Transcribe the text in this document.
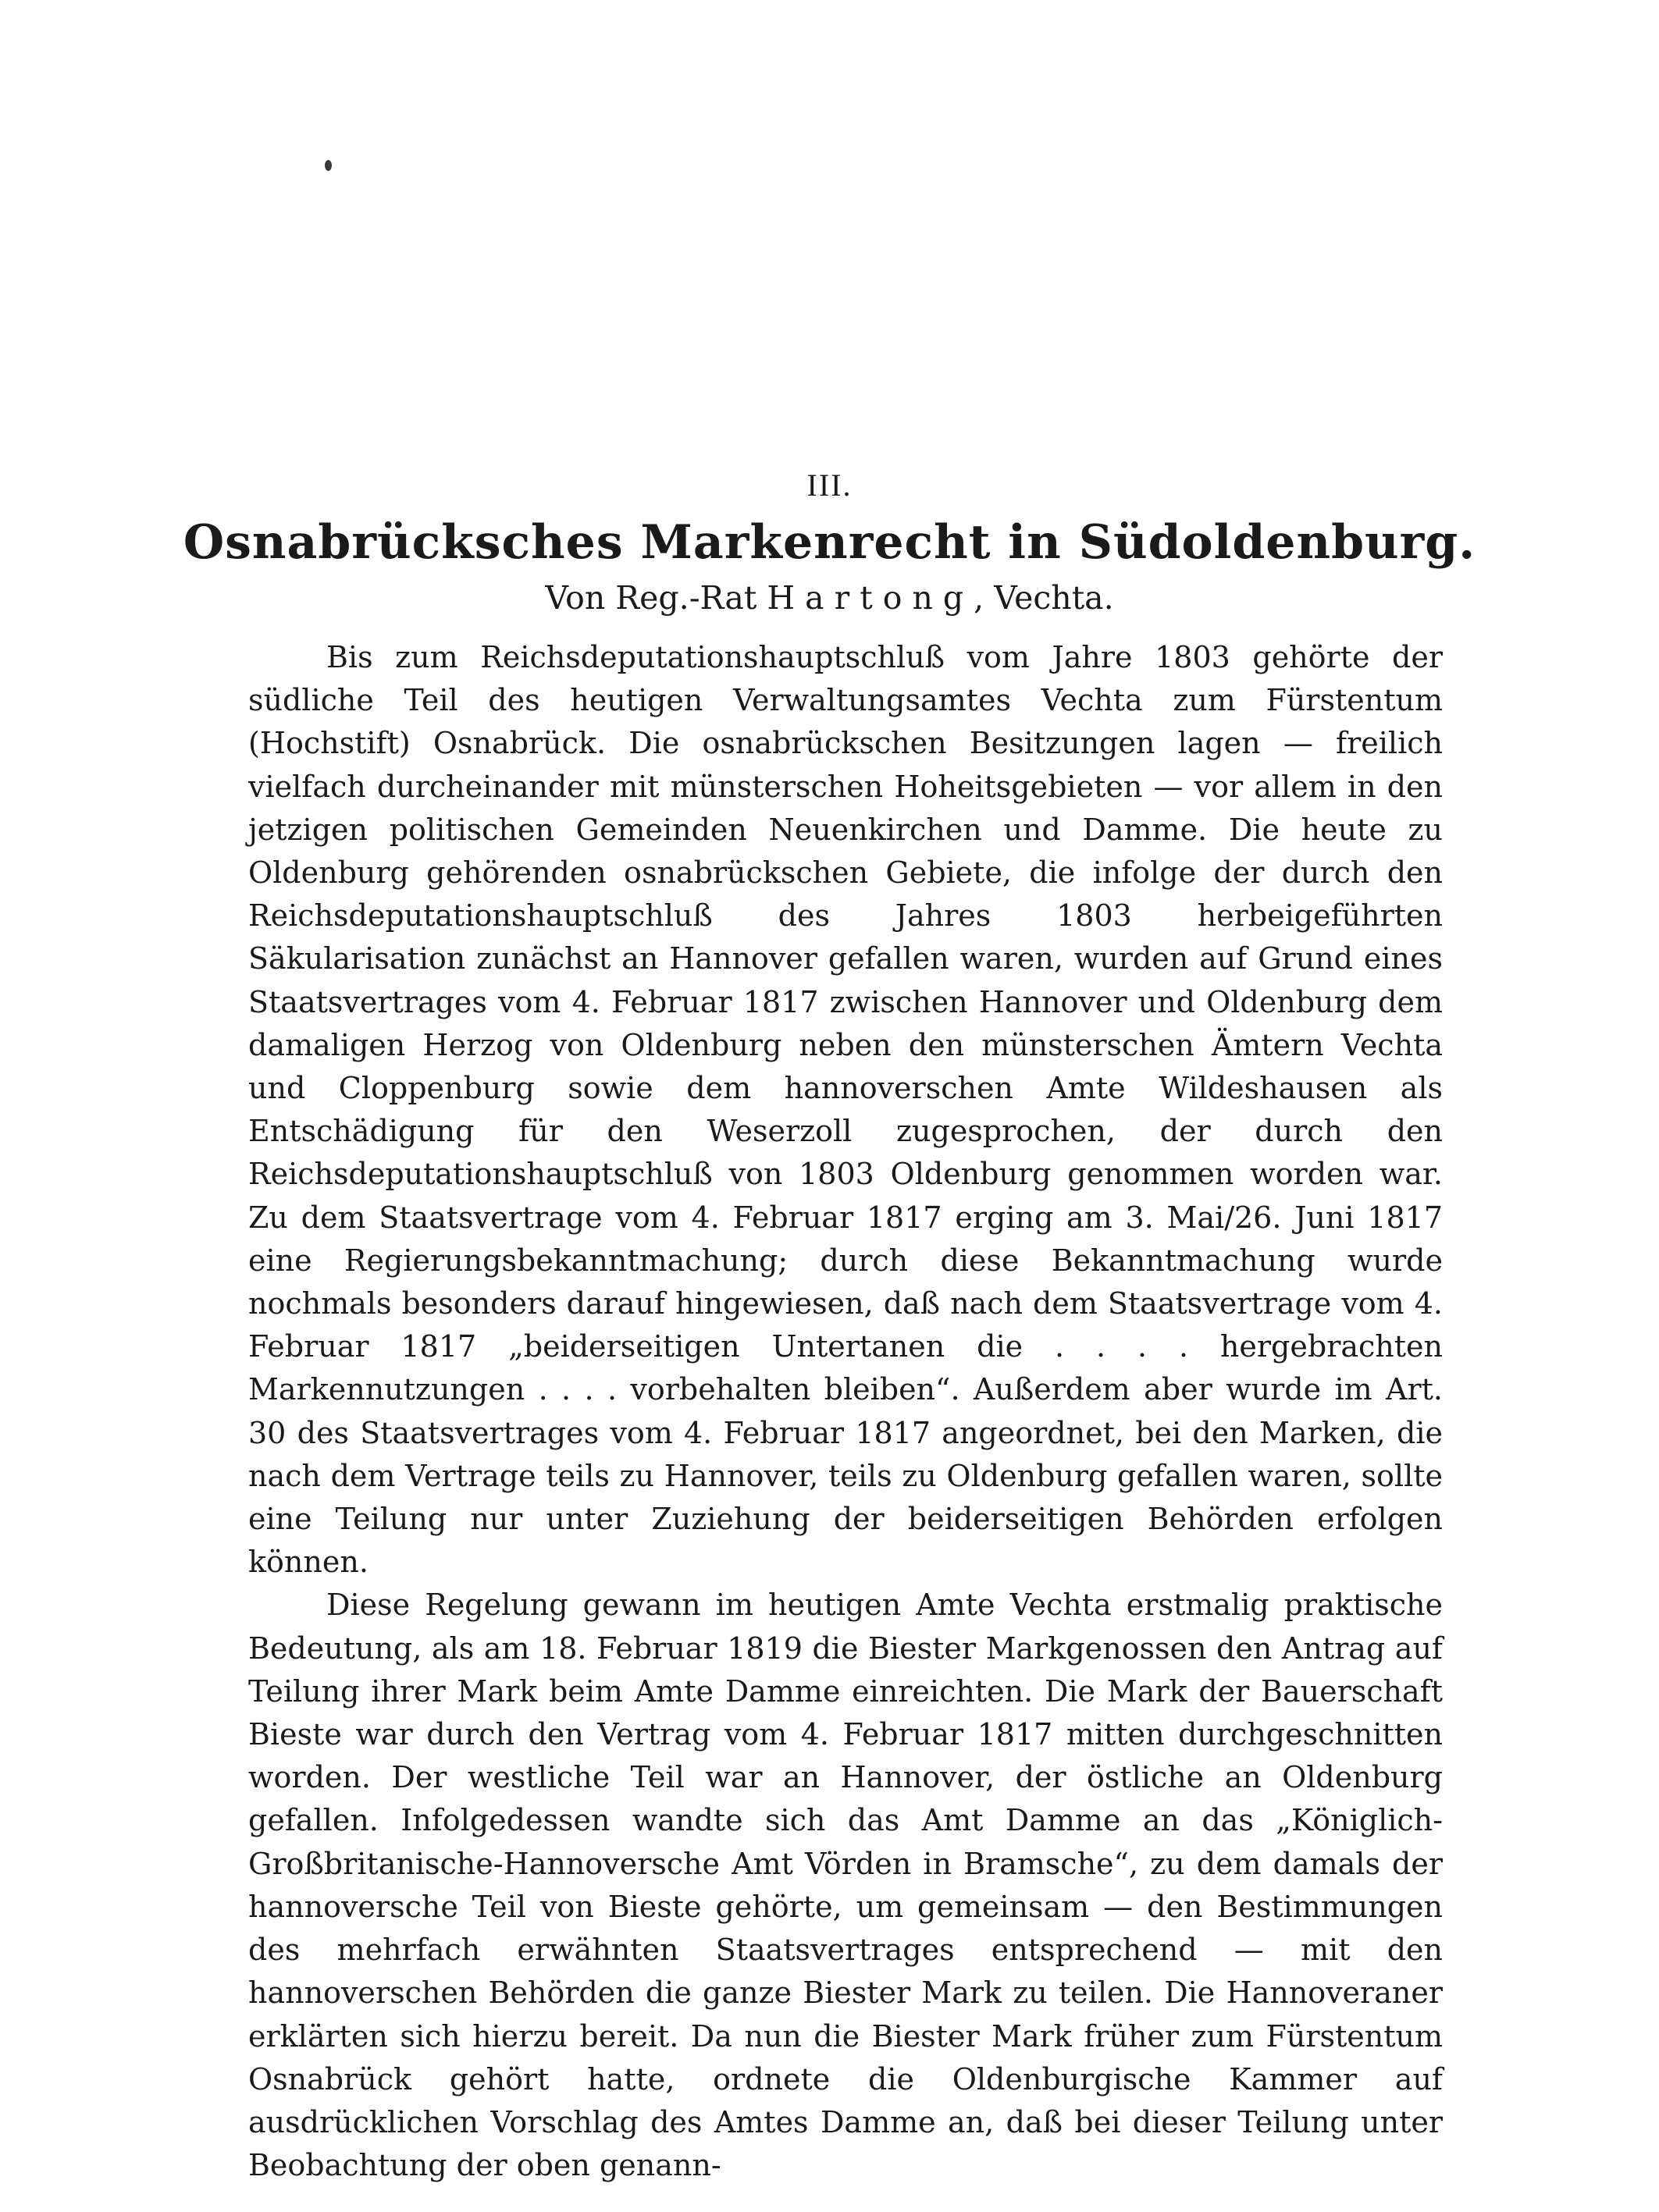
III.
Osnabrücksches Markenrecht in Südoldenburg.
Von Reg.-Rat H a r t o n g , Vechta.

Bis zum Reichsdeputationshauptschluß vom Jahre 1803 gehörte der südliche Teil des heutigen Verwaltungsamtes Vechta zum Fürstentum (Hochstift) Osnabrück. Die osnabrückschen Besitzungen lagen — freilich vielfach durcheinander mit münsterschen Hoheitsgebieten — vor allem in den jetzigen politischen Gemeinden Neuenkirchen und Damme. Die heute zu Oldenburg gehörenden osnabrückschen Gebiete, die infolge der durch den Reichsdeputationshauptschluß des Jahres 1803 herbeigeführten Säkularisation zunächst an Hannover gefallen waren, wurden auf Grund eines Staatsvertrages vom 4. Februar 1817 zwischen Hannover und Oldenburg dem damaligen Herzog von Oldenburg neben den münsterschen Ämtern Vechta und Cloppenburg sowie dem hannoverschen Amte Wildeshausen als Entschädigung für den Weserzoll zugesprochen, der durch den Reichsdeputationshauptschluß von 1803 Oldenburg genommen worden war. Zu dem Staatsvertrage vom 4. Februar 1817 erging am 3. Mai/26. Juni 1817 eine Regierungsbekanntmachung; durch diese Bekanntmachung wurde nochmals besonders darauf hingewiesen, daß nach dem Staatsvertrage vom 4. Februar 1817 „beiderseitigen Untertanen die . . . . hergebrachten Markennutzungen . . . . vorbehalten bleiben“. Außerdem aber wurde im Art. 30 des Staatsvertrages vom 4. Februar 1817 angeordnet, bei den Marken, die nach dem Vertrage teils zu Hannover, teils zu Oldenburg gefallen waren, sollte eine Teilung nur unter Zuziehung der beiderseitigen Behörden erfolgen können.

Diese Regelung gewann im heutigen Amte Vechta erstmalig praktische Bedeutung, als am 18. Februar 1819 die Biester Markgenossen den Antrag auf Teilung ihrer Mark beim Amte Damme einreichten. Die Mark der Bauerschaft Bieste war durch den Vertrag vom 4. Februar 1817 mitten durchgeschnitten worden. Der westliche Teil war an Hannover, der östliche an Oldenburg gefallen. Infolgedessen wandte sich das Amt Damme an das „Königlich-Großbritanische-Hannoversche Amt Vörden in Bramsche“, zu dem damals der hannoversche Teil von Bieste gehörte, um gemeinsam — den Bestimmungen des mehrfach erwähnten Staatsvertrages entsprechend — mit den hannoverschen Behörden die ganze Biester Mark zu teilen. Die Hannoveraner erklärten sich hierzu bereit. Da nun die Biester Mark früher zum Fürstentum Osnabrück gehört hatte, ordnete die Oldenburgische Kammer auf ausdrücklichen Vorschlag des Amtes Damme an, daß bei dieser Teilung unter Beobachtung der oben genann-
